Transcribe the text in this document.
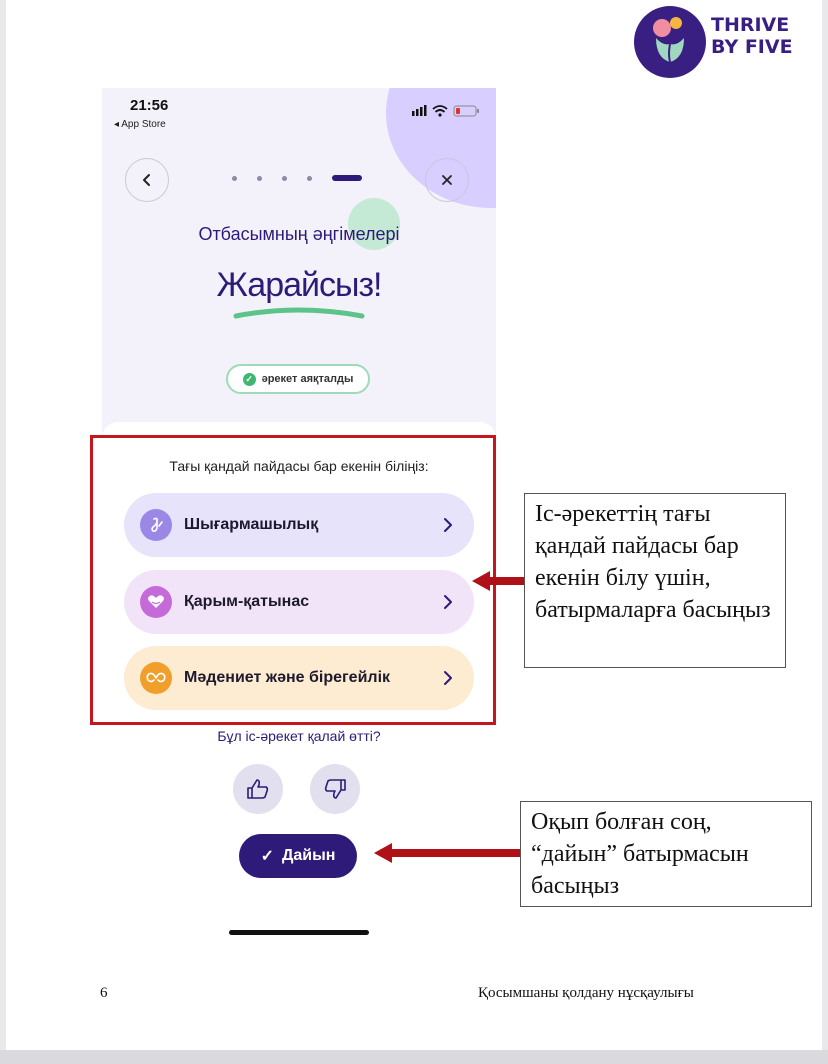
THRIVE
BY FIVE
21:56
◂ App Store
Отбасымның әңгімелері
Жарайсыз!
✓ әрекет аяқталды
Тағы қандай пайдасы бар екенін біліңіз:
Шығармашылық
Қарым-қатынас
Мәдениет және бірегейлік
Бұл іс-әрекет қалай өтті?
✓ Дайын
Іс-әрекеттің тағы қандай пайдасы бар екенін білу үшін, батырмаларға басыңыз
Оқып болған соң,
“дайын” батырмасын
басыңыз
6	Қосымшаны қолдану нұсқаулығы
